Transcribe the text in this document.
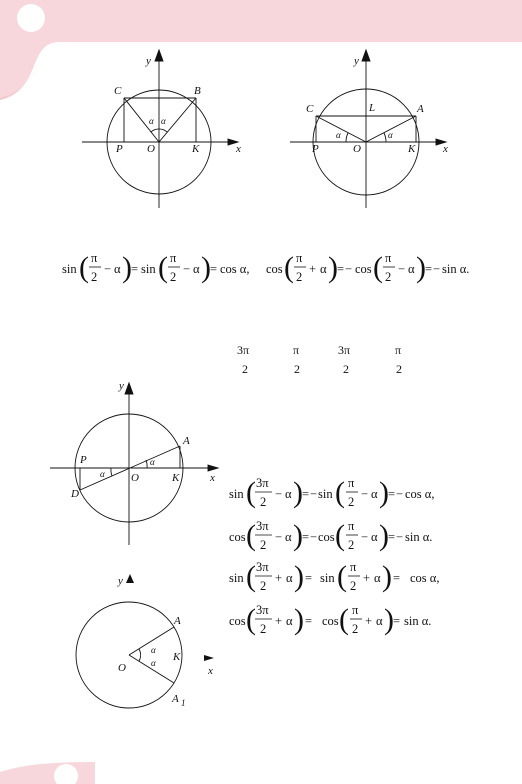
y
x
C	B
P O	K
α α
y
x
C	L	A
P	O	K
α	α
sin ( π
2
− α ) = sin ( π
2
− α ) = cos α, cos ( π
2
+ α ) = − cos ( π
2
− α ) = − sin α.
3π
2
π
2
3π
2
π
2
y
x
A
P
D
O	K
α
α
y
x
A
O
K
A 1
α
α
sin ( 3π
2
− α ) = − sin ( π
2
− α ) = − cos α,
cos ( 3π
2
− α ) = − cos ( π
2
− α ) = − sin α.
sin ( 3π
2
+ α ) = sin ( π
2
+ α ) = cos α,
cos ( 3π
2
+ α ) = cos ( π
2
+ α ) = sin α.
